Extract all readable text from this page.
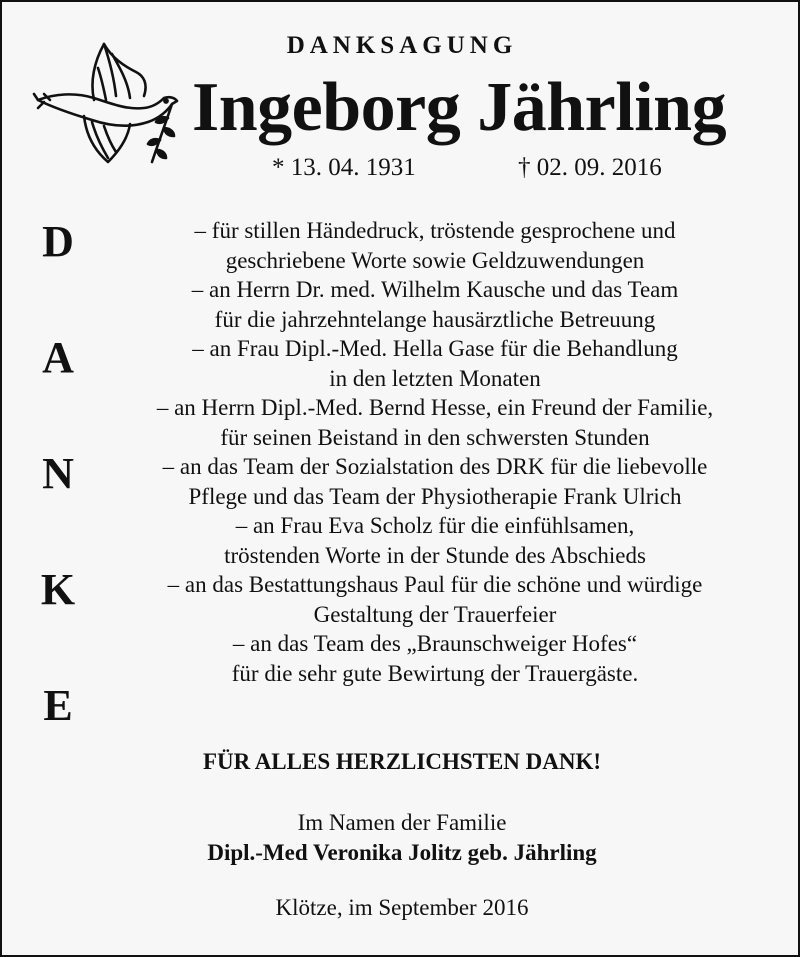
DANKSAGUNG
Ingeborg Jährling
* 13. 04. 1931	† 02. 09. 2016
D
A
N
K
E
– für stillen Händedruck, tröstende gesprochene und
geschriebene Worte sowie Geldzuwendungen
– an Herrn Dr. med. Wilhelm Kausche und das Team
für die jahrzehntelange hausärztliche Betreuung
– an Frau Dipl.-Med. Hella Gase für die Behandlung
in den letzten Monaten
– an Herrn Dipl.-Med. Bernd Hesse, ein Freund der Familie,
für seinen Beistand in den schwersten Stunden
– an das Team der Sozialstation des DRK für die liebevolle
Pflege und das Team der Physiotherapie Frank Ulrich
– an Frau Eva Scholz für die einfühlsamen,
tröstenden Worte in der Stunde des Abschieds
– an das Bestattungshaus Paul für die schöne und würdige
Gestaltung der Trauerfeier
– an das Team des „Braunschweiger Hofes“
für die sehr gute Bewirtung der Trauergäste.
FÜR ALLES HERZLICHSTEN DANK!
Im Namen der Familie
Dipl.-Med Veronika Jolitz geb. Jährling
Klötze, im September 2016
